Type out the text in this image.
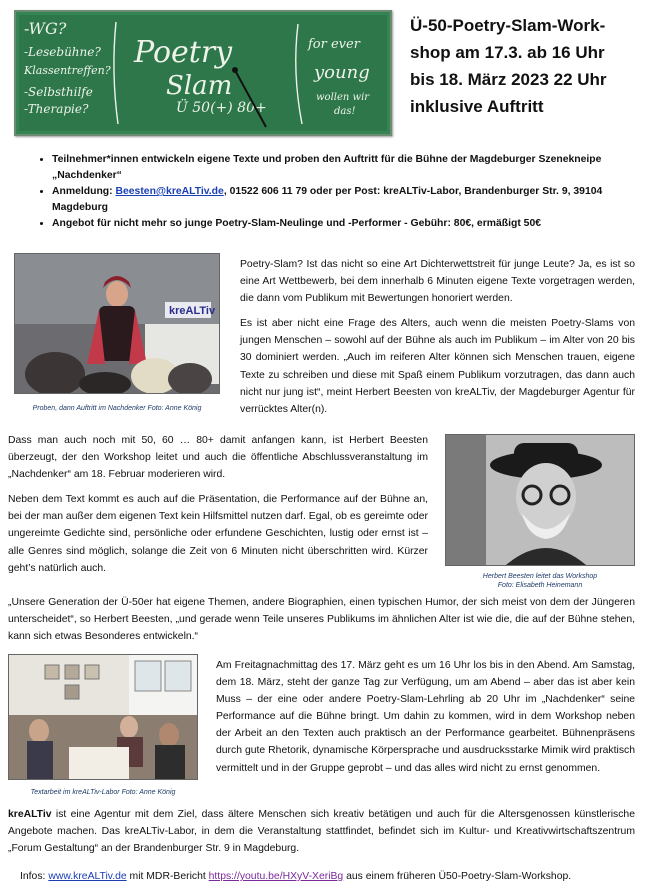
-WG?
-Lesebühne?
Klassentreffen?
-Selbsthilfe
-Therapie?
Poetry
Slam
Ü 50(+) 80+
for ever
young
wollen wir
das!
Ü-50-Poetry-Slam-Work-
shop am 17.3. ab 16 Uhr
bis 18. März 2023 22 Uhr
inklusive Auftritt
• Teilnehmer*innen entwickeln eigene Texte und proben den Auftritt für die Bühne der Magdeburger Szenekneipe „Nachdenker“
• Anmeldung: Beesten@kreALTiv.de, 01522 606 11 79 oder per Post: kreALTiv-Labor, Brandenburger Str. 9, 39104 Magdeburg
• Angebot für nicht mehr so junge Poetry-Slam-Neulinge und -Performer - Gebühr: 80€, ermäßigt 50€
kreALTiv
Proben, dann Auftritt im Nachdenker Foto: Anne König

Poetry-Slam? Ist das nicht so eine Art Dichterwettstreit für junge Leute? Ja, es ist so eine Art Wettbewerb, bei dem innerhalb 6 Minuten eigene Texte vorgetragen werden, die dann vom Publikum mit Bewertungen honoriert werden.

Es ist aber nicht eine Frage des Alters, auch wenn die meisten Poetry-Slams von jungen Menschen – sowohl auf der Bühne als auch im Publikum – im Alter von 20 bis 30 dominiert werden. „Auch im reiferen Alter können sich Menschen trauen, eigene Texte zu schreiben und diese mit Spaß einem Publikum vorzutragen, das dann auch nicht nur jung ist“, meint Herbert Beesten von kreALTiv, der Magdeburger Agentur für verrücktes Alter(n).

Dass man auch noch mit 50, 60 … 80+ damit anfangen kann, ist Herbert Beesten überzeugt, der den Workshop leitet und auch die öffentliche Abschlussveranstaltung im „Nachdenker“ am 18. Februar moderieren wird.

Neben dem Text kommt es auch auf die Präsentation, die Performance auf der Bühne an, bei der man außer dem eigenen Text kein Hilfsmittel nutzen darf. Egal, ob es gereimte oder ungereimte Gedichte sind, persönliche oder erfundene Geschichten, lustig oder ernst ist – alle Genres sind möglich, solange die Zeit von 6 Minuten nicht überschritten wird. Kürzer geht’s natürlich auch.

Herbert Beesten leitet das Workshop
Foto: Elisabeth Heinemann

„Unsere Generation der Ü-50er hat eigene Themen, andere Biographien, einen typischen Humor, der sich meist von dem der Jüngeren unterscheidet“, so Herbert Beesten, „und gerade wenn Teile unseres Publikums im ähnlichen Alter ist wie die, die auf der Bühne stehen, kann sich etwas Besonderes entwickeln.“

Textarbeit im kreALTiv-Labor Foto: Anne König

Am Freitagnachmittag des 17. März geht es um 16 Uhr los bis in den Abend. Am Samstag, dem 18. März, steht der ganze Tag zur Verfügung, um am Abend – aber das ist aber kein Muss – der eine oder andere Poetry-Slam-Lehrling ab 20 Uhr im „Nachdenker“ seine Performance auf die Bühne bringt. Um dahin zu kommen, wird in dem Workshop neben der Arbeit an den Texten auch praktisch an der Performance gearbeitet. Bühnenpräsens durch gute Rhetorik, dynamische Körpersprache und ausdrucksstarke Mimik wird praktisch vermittelt und in der Gruppe geprobt – und das alles wird nicht zu ernst genommen.

kreALTiv ist eine Agentur mit dem Ziel, dass ältere Menschen sich kreativ betätigen und auch für die Altersgenossen künstlerische Angebote machen. Das kreALTiv-Labor, in dem die Veranstaltung stattfindet, befindet sich im Kultur- und Kreativwirtschaftszentrum „Forum Gestaltung“ an der Brandenburger Str. 9 in Magdeburg.

Infos: www.kreALTiv.de mit MDR-Bericht https://youtu.be/HXyV-XeriBg aus einem früheren Ü50-Poetry-Slam-Workshop.
